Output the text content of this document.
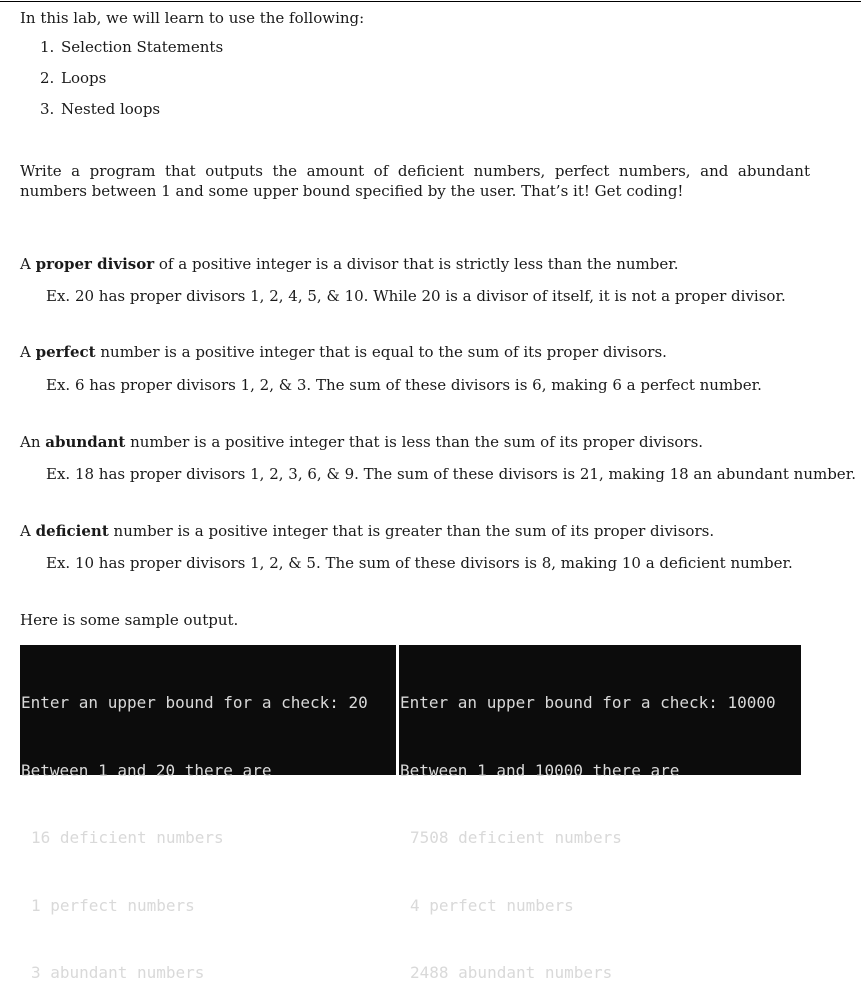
In this lab, we will learn to use the following:
1. Selection Statements
2. Loops
3. Nested loops
Write a program that outputs the amount of deficient numbers, perfect numbers, and abundant numbers between 1 and some upper bound specified by the user. That’s it! Get coding!
A proper divisor of a positive integer is a divisor that is strictly less than the number.
Ex. 20 has proper divisors 1, 2, 4, 5, & 10. While 20 is a divisor of itself, it is not a proper divisor.
A perfect number is a positive integer that is equal to the sum of its proper divisors.
Ex. 6 has proper divisors 1, 2, & 3. The sum of these divisors is 6, making 6 a perfect number.
An abundant number is a positive integer that is less than the sum of its proper divisors.
Ex. 18 has proper divisors 1, 2, 3, 6, & 9. The sum of these divisors is 21, making 18 an abundant number.
A deficient number is a positive integer that is greater than the sum of its proper divisors.
Ex. 10 has proper divisors 1, 2, & 5. The sum of these divisors is 8, making 10 a deficient number.
Here is some sample output.

Enter an upper bound for a check: 20

Between 1 and 20 there are

16 deficient numbers

1 perfect numbers

3 abundant numbers

Enter an upper bound for a check: 10000

Between 1 and 10000 there are

7508 deficient numbers

4 perfect numbers

2488 abundant numbers
